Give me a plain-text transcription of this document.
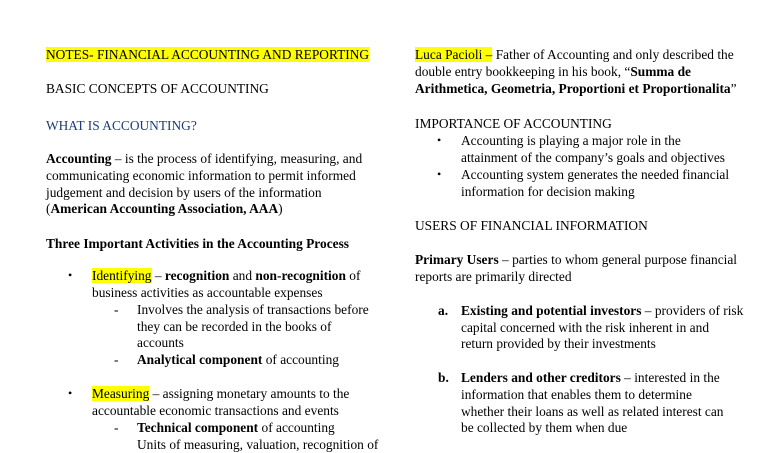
NOTES- FINANCIAL ACCOUNTING AND REPORTING
BASIC CONCEPTS OF ACCOUNTING
WHAT IS ACCOUNTING?
Accounting – is the process of identifying, measuring, and
communicating economic information to permit informed
judgement and decision by users of the information
(American Accounting Association, AAA)
Three Important Activities in the Accounting Process
• Identifying – recognition and non-recognition of
business activities as accountable expenses
- Involves the analysis of transactions before
they can be recorded in the books of
accounts
- Analytical component of accounting
• Measuring – assigning monetary amounts to the
accountable economic transactions and events
- Technical component of accounting
Units of measuring, valuation, recognition of
Luca Pacioli – Father of Accounting and only described the
double entry bookkeeping in his book, “Summa de
Arithmetica, Geometria, Proportioni et Proportionalita”
IMPORTANCE OF ACCOUNTING
• Accounting is playing a major role in the
attainment of the company’s goals and objectives
• Accounting system generates the needed financial
information for decision making
USERS OF FINANCIAL INFORMATION
Primary Users – parties to whom general purpose financial
reports are primarily directed
a. Existing and potential investors – providers of risk
capital concerned with the risk inherent in and
return provided by their investments
b. Lenders and other creditors – interested in the
information that enables them to determine
whether their loans as well as related interest can
be collected by them when due
